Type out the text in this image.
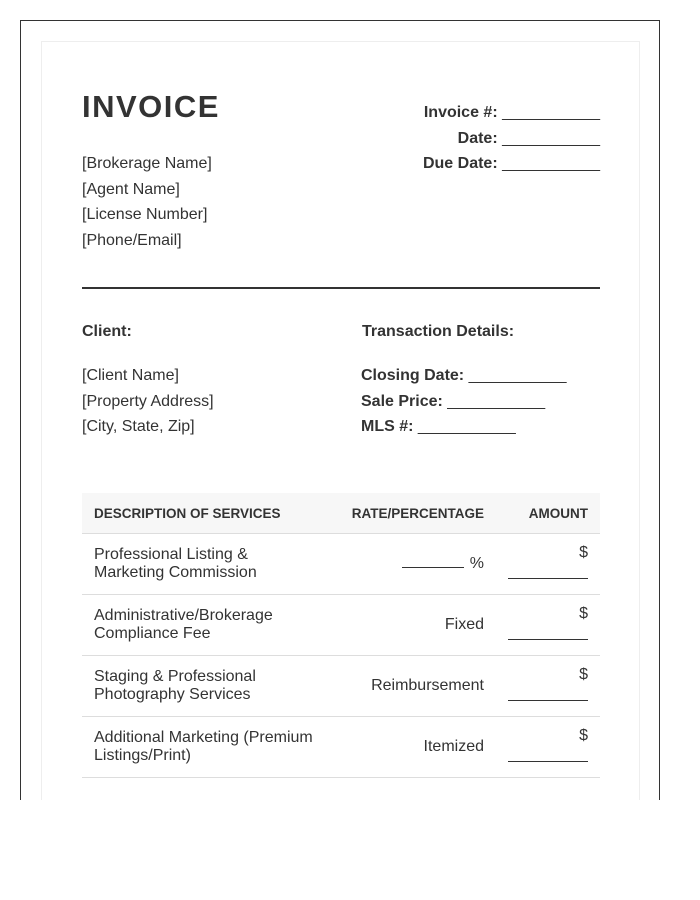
INVOICE
[Brokerage Name]
[Agent Name]
[License Number]
[Phone/Email]
Invoice #: ___________
Date: ___________
Due Date: ___________
Client:	Transaction Details:
[Client Name]
[Property Address]
[City, State, Zip]
Closing Date: ___________
Sale Price: ___________
MLS #: ___________
DESCRIPTION OF SERVICES	RATE/PERCENTAGE	AMOUNT
Professional Listing & Marketing Commission	%	$

Administrative/Brokerage Compliance Fee	Fixed	$

Staging & Professional Photography Services	Reimbursement	$

Additional Marketing (Premium Listings/Print)	Itemized	$
